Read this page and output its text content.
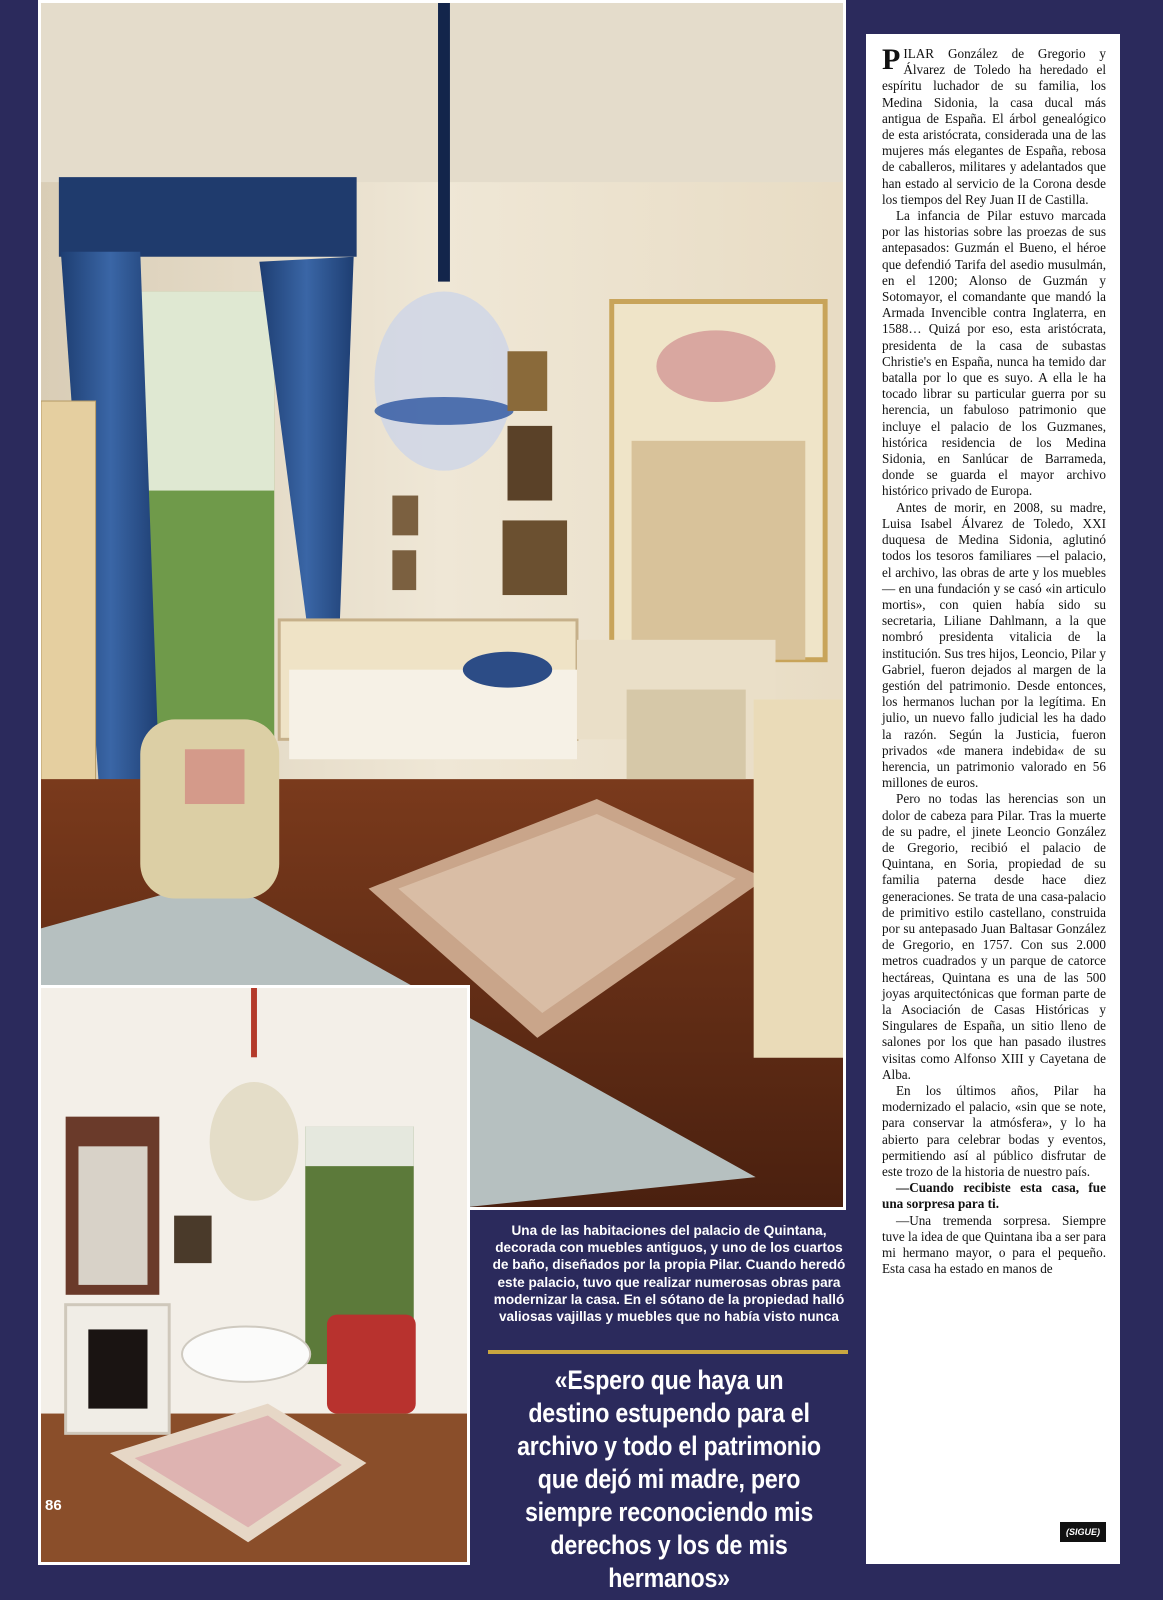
86
Una de las habitaciones del palacio de Quintana, decorada con muebles antiguos, y uno de los cuartos de baño, diseñados por la propia Pilar. Cuando heredó este palacio, tuvo que realizar numerosas obras para modernizar la casa. En el sótano de la propiedad halló valiosas vajillas y muebles que no había visto nunca
«Espero que haya un destino estupendo para el archivo y todo el patrimonio que dejó mi madre, pero siempre reconociendo mis derechos y los de mis hermanos»

PILAR González de Gregorio y Álvarez de Toledo ha heredado el espíritu luchador de su familia, los Medina Sidonia, la casa ducal más antigua de España. El árbol genealógico de esta aristócrata, considerada una de las mujeres más elegantes de España, rebosa de caballeros, militares y adelantados que han estado al servicio de la Corona desde los tiempos del Rey Juan II de Castilla.

La infancia de Pilar estuvo marcada por las historias sobre las proezas de sus antepasados: Guzmán el Bueno, el héroe que defendió Tarifa del asedio musulmán, en el 1200; Alonso de Guzmán y Sotomayor, el comandante que mandó la Armada Invencible contra Inglaterra, en 1588… Quizá por eso, esta aristócrata, presidenta de la casa de subastas Christie's en España, nunca ha temido dar batalla por lo que es suyo. A ella le ha tocado librar su particular guerra por su herencia, un fabuloso patrimonio que incluye el palacio de los Guzmanes, histórica residencia de los Medina Sidonia, en Sanlúcar de Barrameda, donde se guarda el mayor archivo histórico privado de Europa.

Antes de morir, en 2008, su madre, Luisa Isabel Álvarez de Toledo, XXI duquesa de Medina Sidonia, aglutinó todos los tesoros familiares —el palacio, el archivo, las obras de arte y los muebles— en una fundación y se casó «in articulo mortis», con quien había sido su secretaria, Liliane Dahlmann, a la que nombró presidenta vitalicia de la institución. Sus tres hijos, Leoncio, Pilar y Gabriel, fueron dejados al margen de la gestión del patrimonio. Desde entonces, los hermanos luchan por la legítima. En julio, un nuevo fallo judicial les ha dado la razón. Según la Justicia, fueron privados «de manera indebida« de su herencia, un patrimonio valorado en 56 millones de euros.

Pero no todas las herencias son un dolor de cabeza para Pilar. Tras la muerte de su padre, el jinete Leoncio González de Gregorio, recibió el palacio de Quintana, en Soria, propiedad de su familia paterna desde hace diez generaciones. Se trata de una casa-palacio de primitivo estilo castellano, construida por su antepasado Juan Baltasar González de Gregorio, en 1757. Con sus 2.000 metros cuadrados y un parque de catorce hectáreas, Quintana es una de las 500 joyas arquitectónicas que forman parte de la Asociación de Casas Históricas y Singulares de España, un sitio lleno de salones por los que han pasado ilustres visitas como Alfonso XIII y Cayetana de Alba.

En los últimos años, Pilar ha modernizado el palacio, «sin que se note, para conservar la atmósfera», y lo ha abierto para celebrar bodas y eventos, permitiendo así al público disfrutar de este trozo de la historia de nuestro país.

—Cuando recibiste esta casa, fue una sorpresa para ti.

—Una tremenda sorpresa. Siempre tuve la idea de que Quintana iba a ser para mi hermano mayor, o para el pequeño. Esta casa ha estado en manos de

(SIGUE)
